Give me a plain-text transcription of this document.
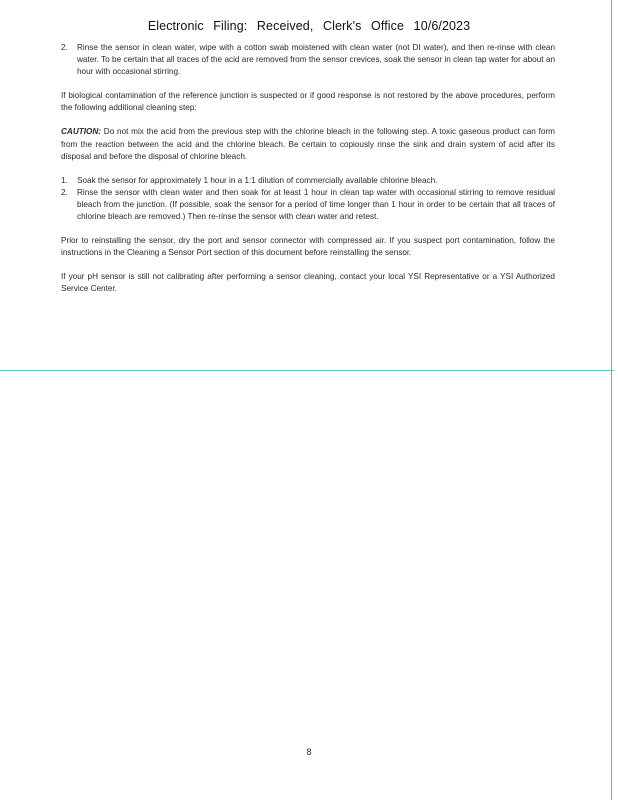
Electronic Filing: Received, Clerk's Office 10/6/2023
2.	Rinse the sensor in clean water, wipe with a cotton swab moistened with clean water (not DI water), and then re-rinse with clean water. To be certain that all traces of the acid are removed from the sensor crevices, soak the sensor in clean tap water for about an hour with occasional stirring.

If biological contamination of the reference junction is suspected or if good response is not restored by the above procedures, perform the following additional cleaning step:

CAUTION: Do not mix the acid from the previous step with the chlorine bleach in the following step. A toxic gaseous product can form from the reaction between the acid and the chlorine bleach. Be certain to copiously rinse the sink and drain system of acid after its disposal and before the disposal of chlorine bleach.

1.	Soak the sensor for approximately 1 hour in a 1:1 dilution of commercially available chlorine bleach.
2.	Rinse the sensor with clean water and then soak for at least 1 hour in clean tap water with occasional stirring to remove residual bleach from the junction. (If possible, soak the sensor for a period of time longer than 1 hour in order to be certain that all traces of chlorine bleach are removed.) Then re-rinse the sensor with clean water and retest.

Prior to reinstalling the sensor, dry the port and sensor connector with compressed air. If you suspect port contamination, follow the instructions in the Cleaning a Sensor Port section of this document before reinstalling the sensor.

If your pH sensor is still not calibrating after performing a sensor cleaning, contact your local YSI Representative or a YSI Authorized Service Center.

8
